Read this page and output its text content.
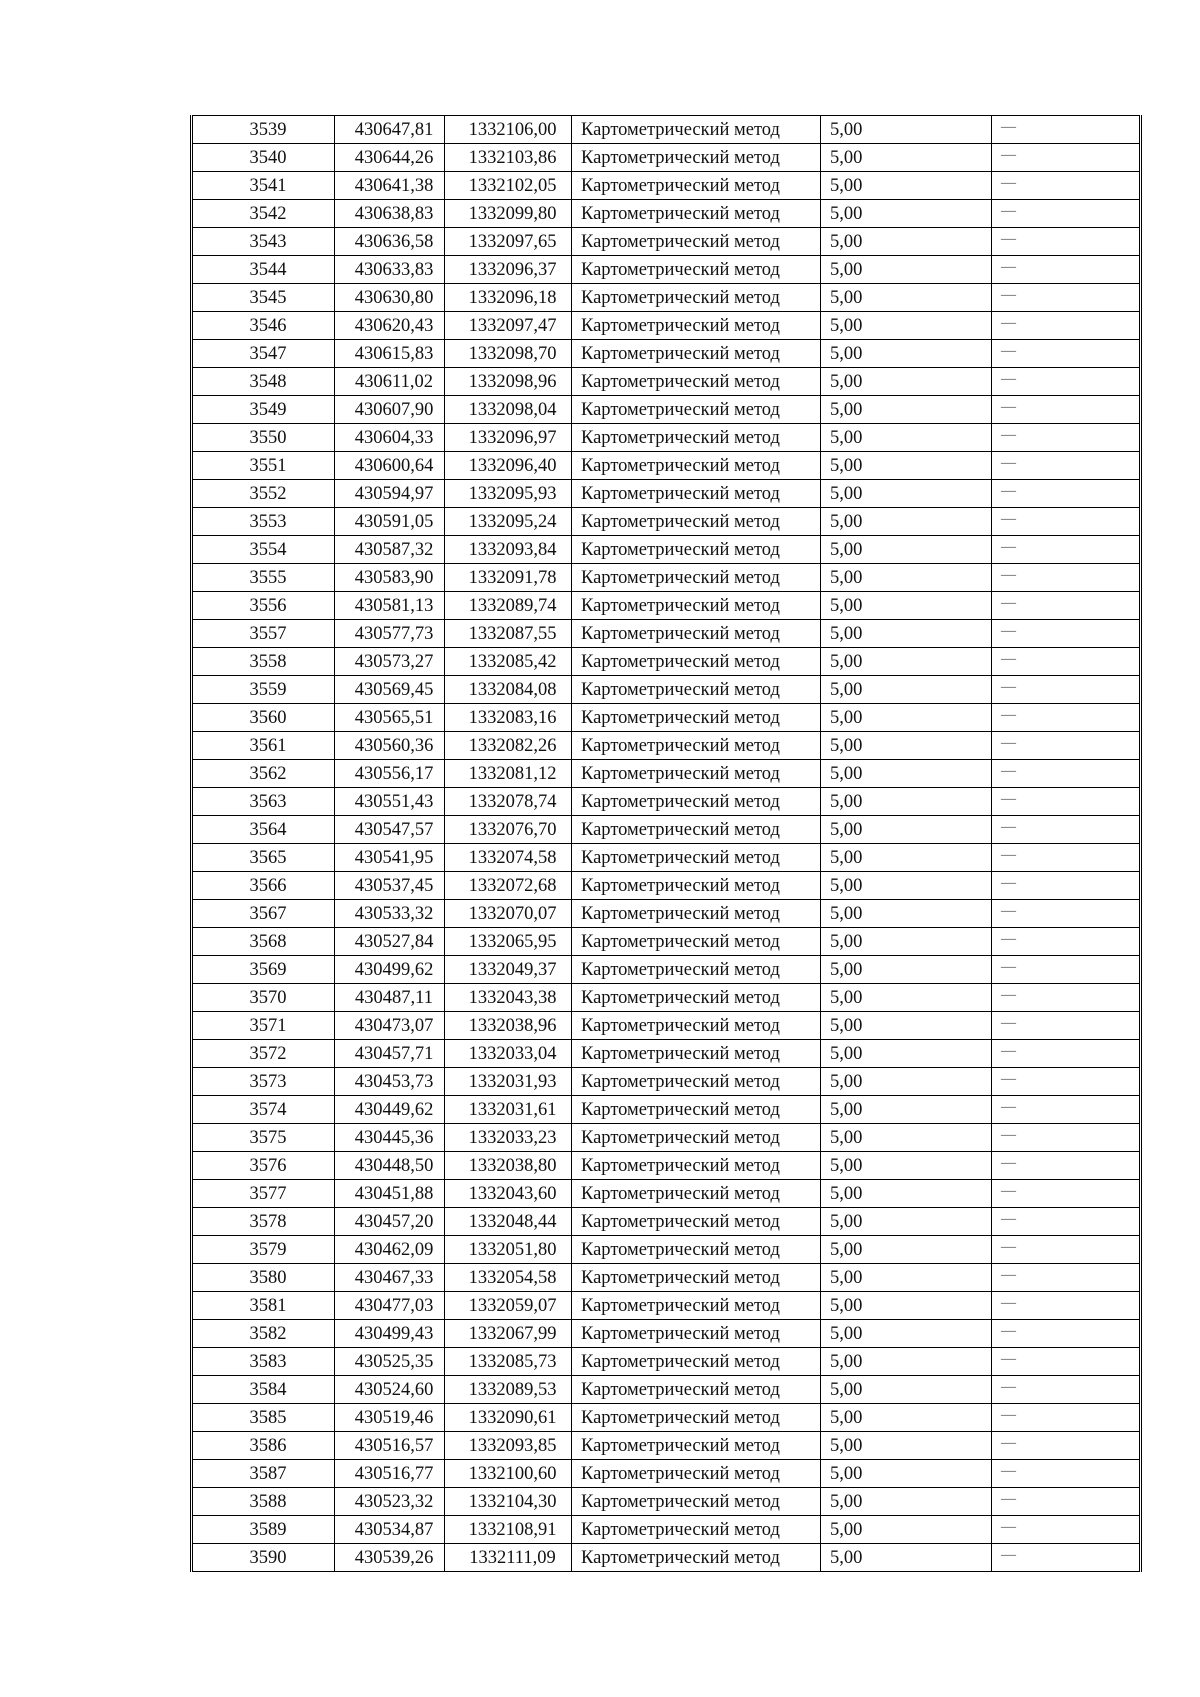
3539	430647,81	1332106,00	Картометрический метод	5,00	—
3540	430644,26	1332103,86	Картометрический метод	5,00	—
3541	430641,38	1332102,05	Картометрический метод	5,00	—
3542	430638,83	1332099,80	Картометрический метод	5,00	—
3543	430636,58	1332097,65	Картометрический метод	5,00	—
3544	430633,83	1332096,37	Картометрический метод	5,00	—
3545	430630,80	1332096,18	Картометрический метод	5,00	—
3546	430620,43	1332097,47	Картометрический метод	5,00	—
3547	430615,83	1332098,70	Картометрический метод	5,00	—
3548	430611,02	1332098,96	Картометрический метод	5,00	—
3549	430607,90	1332098,04	Картометрический метод	5,00	—
3550	430604,33	1332096,97	Картометрический метод	5,00	—
3551	430600,64	1332096,40	Картометрический метод	5,00	—
3552	430594,97	1332095,93	Картометрический метод	5,00	—
3553	430591,05	1332095,24	Картометрический метод	5,00	—
3554	430587,32	1332093,84	Картометрический метод	5,00	—
3555	430583,90	1332091,78	Картометрический метод	5,00	—
3556	430581,13	1332089,74	Картометрический метод	5,00	—
3557	430577,73	1332087,55	Картометрический метод	5,00	—
3558	430573,27	1332085,42	Картометрический метод	5,00	—
3559	430569,45	1332084,08	Картометрический метод	5,00	—
3560	430565,51	1332083,16	Картометрический метод	5,00	—
3561	430560,36	1332082,26	Картометрический метод	5,00	—
3562	430556,17	1332081,12	Картометрический метод	5,00	—
3563	430551,43	1332078,74	Картометрический метод	5,00	—
3564	430547,57	1332076,70	Картометрический метод	5,00	—
3565	430541,95	1332074,58	Картометрический метод	5,00	—
3566	430537,45	1332072,68	Картометрический метод	5,00	—
3567	430533,32	1332070,07	Картометрический метод	5,00	—
3568	430527,84	1332065,95	Картометрический метод	5,00	—
3569	430499,62	1332049,37	Картометрический метод	5,00	—
3570	430487,11	1332043,38	Картометрический метод	5,00	—
3571	430473,07	1332038,96	Картометрический метод	5,00	—
3572	430457,71	1332033,04	Картометрический метод	5,00	—
3573	430453,73	1332031,93	Картометрический метод	5,00	—
3574	430449,62	1332031,61	Картометрический метод	5,00	—
3575	430445,36	1332033,23	Картометрический метод	5,00	—
3576	430448,50	1332038,80	Картометрический метод	5,00	—
3577	430451,88	1332043,60	Картометрический метод	5,00	—
3578	430457,20	1332048,44	Картометрический метод	5,00	—
3579	430462,09	1332051,80	Картометрический метод	5,00	—
3580	430467,33	1332054,58	Картометрический метод	5,00	—
3581	430477,03	1332059,07	Картометрический метод	5,00	—
3582	430499,43	1332067,99	Картометрический метод	5,00	—
3583	430525,35	1332085,73	Картометрический метод	5,00	—
3584	430524,60	1332089,53	Картометрический метод	5,00	—
3585	430519,46	1332090,61	Картометрический метод	5,00	—
3586	430516,57	1332093,85	Картометрический метод	5,00	—
3587	430516,77	1332100,60	Картометрический метод	5,00	—
3588	430523,32	1332104,30	Картометрический метод	5,00	—
3589	430534,87	1332108,91	Картометрический метод	5,00	—
3590	430539,26	1332111,09	Картометрический метод	5,00	—
